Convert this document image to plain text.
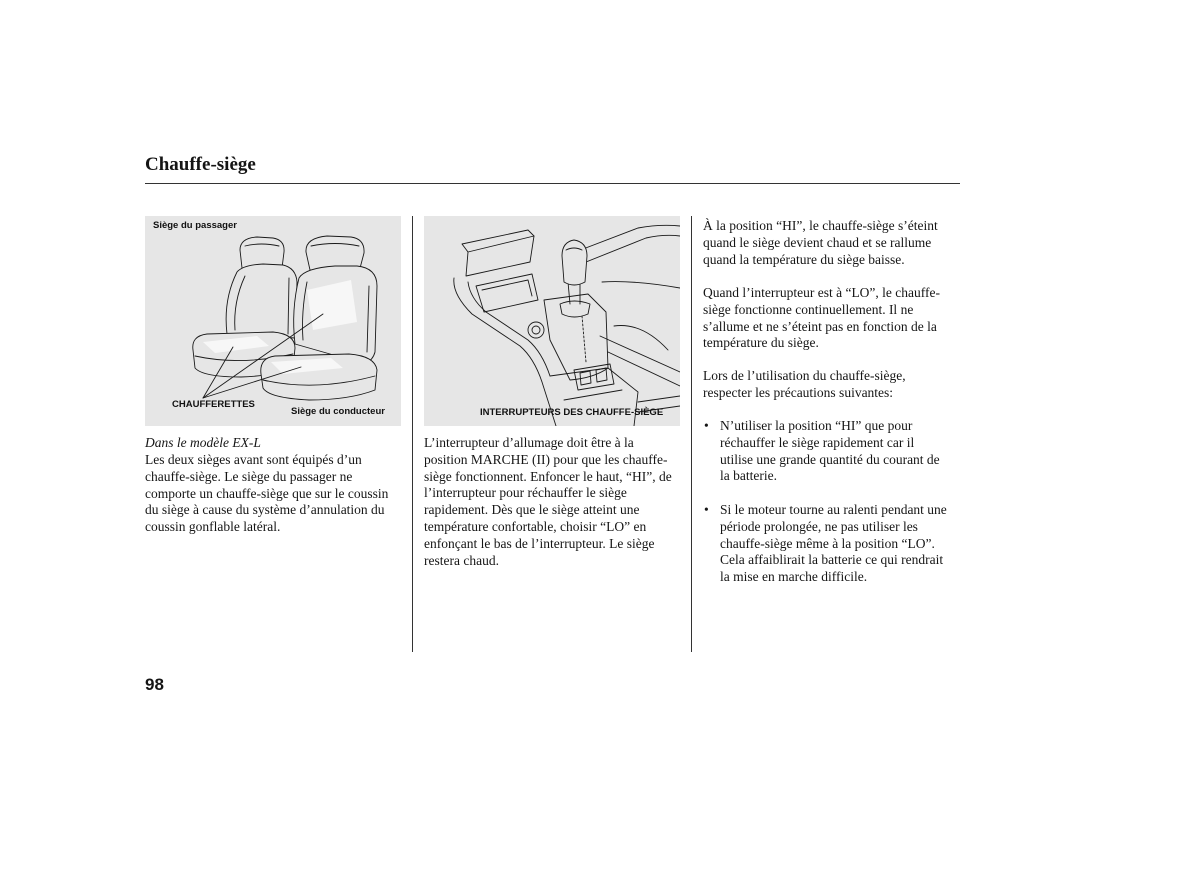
Chauffe-siège
Siège du passager
CHAUFFERETTES
Siège du conducteur	INTERRUPTEURS DES CHAUFFE-SIÈGE
Dans le modèle EX-L
Les deux sièges avant sont équipés d’un
chauffe-siège. Le siège du passager ne
comporte un chauffe-siège que sur le coussin
du siège à cause du système d’annulation du
coussin gonflable latéral.
L’interrupteur d’allumage doit être à la
position MARCHE (II) pour que les chauffe-
siège fonctionnent. Enfoncer le haut, “HI”, de
l’interrupteur pour réchauffer le siège
rapidement. Dès que le siège atteint une
température confortable, choisir “LO” en
enfonçant le bas de l’interrupteur. Le siège
restera chaud.
À la position “HI”, le chauffe-siège s’éteint
quand le siège devient chaud et se rallume
quand la température du siège baisse.
Quand l’interrupteur est à “LO”, le chauffe-
siège fonctionne continuellement. Il ne
s’allume et ne s’éteint pas en fonction de la
température du siège.
Lors de l’utilisation du chauffe-siège,
respecter les précautions suivantes:
• N’utiliser la position “HI” que pour
réchauffer le siège rapidement car il
utilise une grande quantité du courant de
la batterie.
• Si le moteur tourne au ralenti pendant une
période prolongée, ne pas utiliser les
chauffe-siège même à la position “LO”.
Cela affaiblirait la batterie ce qui rendrait
la mise en marche difficile.
98
